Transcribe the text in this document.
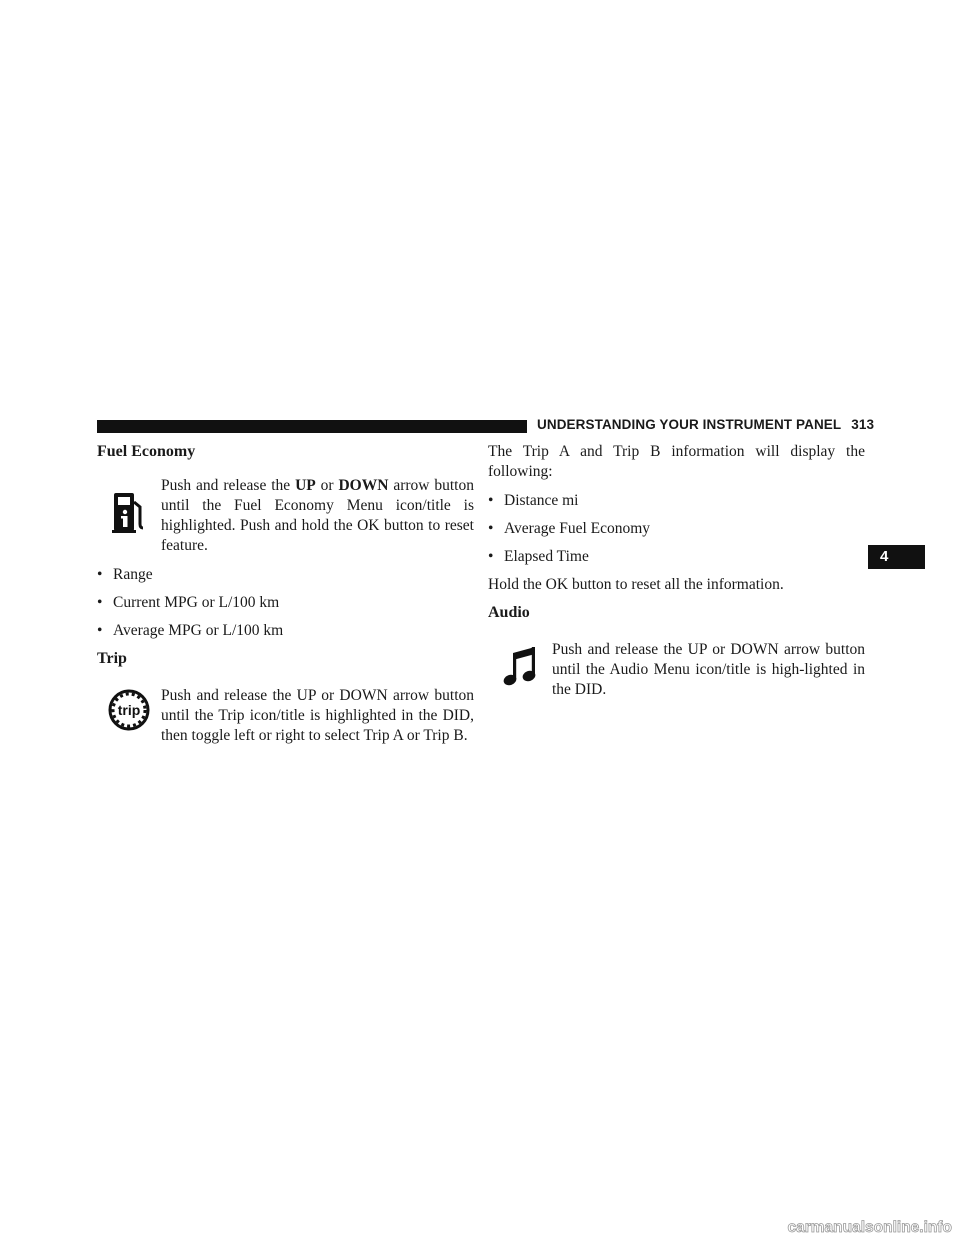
UNDERSTANDING YOUR INSTRUMENT PANEL 313
4
Fuel Economy
Push and release the UP or DOWN arrow button until the Fuel Economy Menu icon/title is highlighted. Push and hold the OK button to reset feature.
• Range
• Current MPG or L/100 km
• Average MPG or L/100 km
Trip
trip
Push and release the UP or DOWN arrow button until the Trip icon/title is highlighted in the DID, then toggle left or right to select Trip A or Trip B.
The Trip A and Trip B information will display the following:
• Distance mi
• Average Fuel Economy
• Elapsed Time
Hold the OK button to reset all the information.
Audio
Push and release the UP or DOWN arrow button until the Audio Menu icon/title is high-lighted in the DID.
carmanualsonline.info
